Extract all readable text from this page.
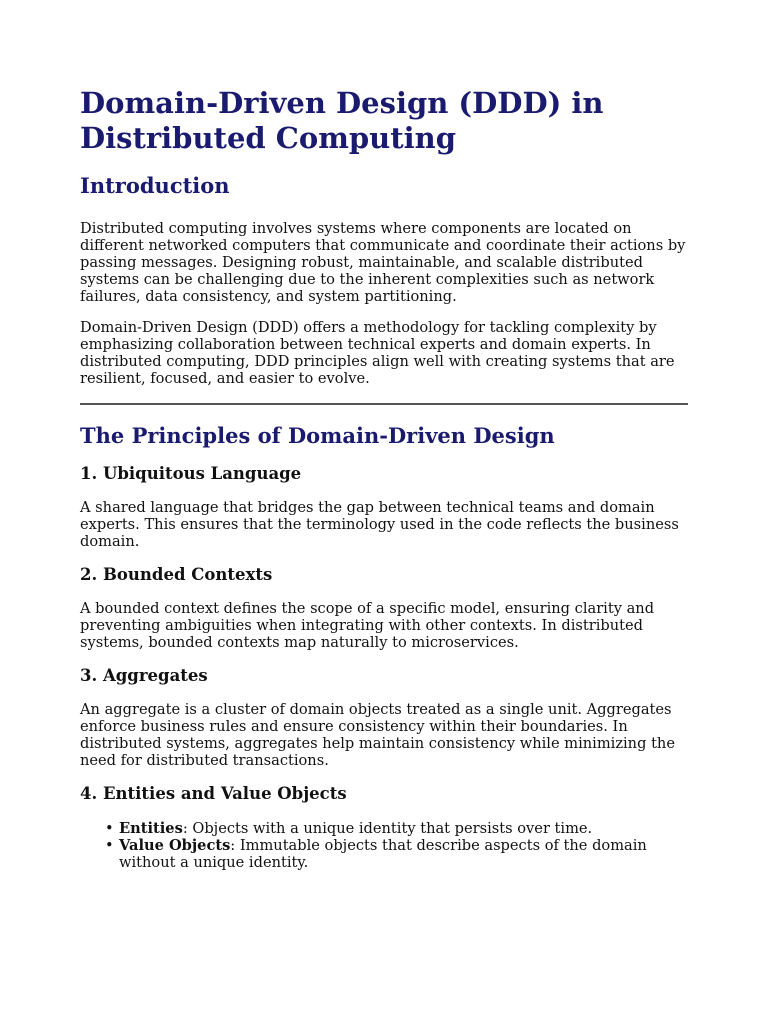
Domain-Driven Design (DDD) in Distributed Computing
Introduction

Distributed computing involves systems where components are located on different networked computers that communicate and coordinate their actions by passing messages. Designing robust, maintainable, and scalable distributed systems can be challenging due to the inherent complexities such as network failures, data consistency, and system partitioning.

Domain-Driven Design (DDD) offers a methodology for tackling complexity by emphasizing collaboration between technical experts and domain experts. In distributed computing, DDD principles align well with creating systems that are resilient, focused, and easier to evolve.

The Principles of Domain-Driven Design
1. Ubiquitous Language

A shared language that bridges the gap between technical teams and domain experts. This ensures that the terminology used in the code reflects the business domain.

2. Bounded Contexts

A bounded context defines the scope of a specific model, ensuring clarity and preventing ambiguities when integrating with other contexts. In distributed systems, bounded contexts map naturally to microservices.

3. Aggregates

An aggregate is a cluster of domain objects treated as a single unit. Aggregates enforce business rules and ensure consistency within their boundaries. In distributed systems, aggregates help maintain consistency while minimizing the need for distributed transactions.

4. Entities and Value Objects
• Entities: Objects with a unique identity that persists over time.
• Value Objects: Immutable objects that describe aspects of the domain without a unique identity.
